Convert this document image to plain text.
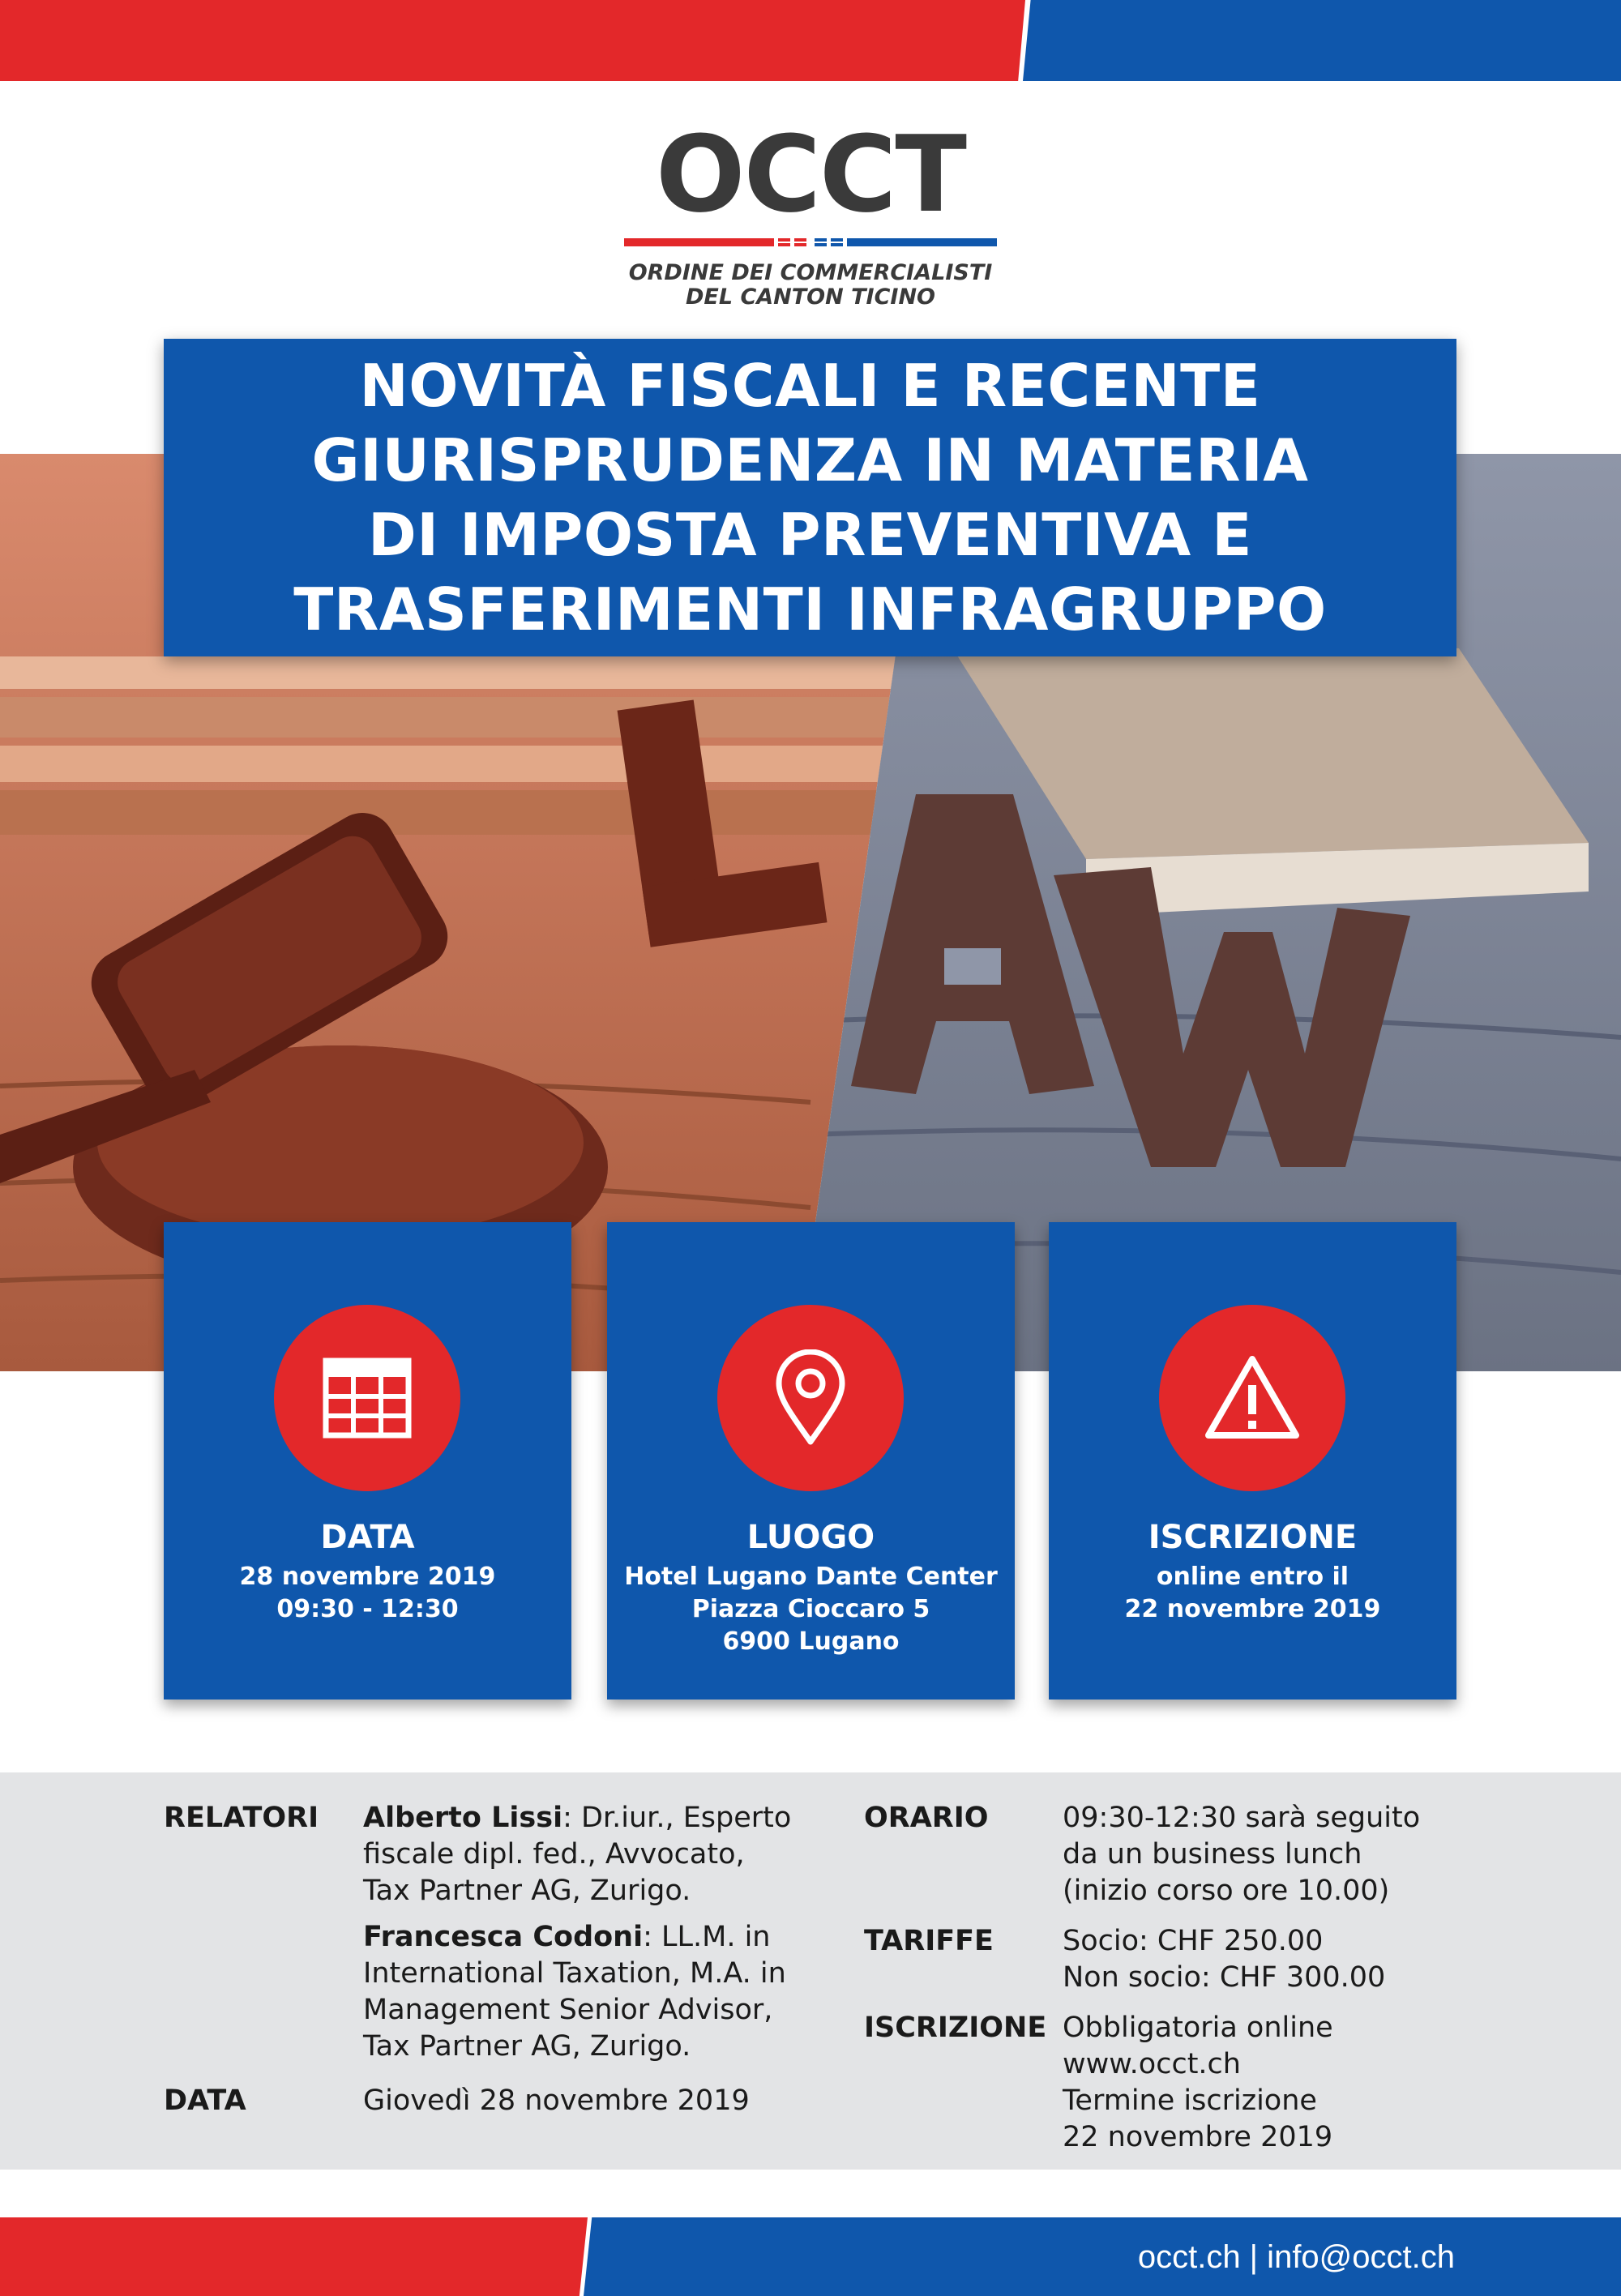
OCCT
ORDINE DEI COMMERCIALISTI
DEL CANTON TICINO
NOVITÀ FISCALI E RECENTE
GIURISPRUDENZA IN MATERIA
DI IMPOSTA PREVENTIVA E
TRASFERIMENTI INFRAGRUPPO
DATA
28 novembre 2019
09:30 - 12:30
LUOGO
Hotel Lugano Dante Center
Piazza Cioccaro 5
6900 Lugano
ISCRIZIONE
online entro il
22 novembre 2019
RELATORI Alberto Lissi: Dr.iur., Esperto
fiscale dipl. fed., Avvocato,
Tax Partner AG, Zurigo.
Francesca Codoni: LL.M. in
International Taxation, M.A. in
Management Senior Advisor,
Tax Partner AG, Zurigo.
DATA	Giovedì 28 novembre 2019
ORARIO	09:30-12:30 sarà seguito
da un business lunch
(inizio corso ore 10.00)
TARIFFE Socio: CHF 250.00
Non socio: CHF 300.00
ISCRIZIONE Obbligatoria online
www.occt.ch
Termine iscrizione
22 novembre 2019
occt.ch | info@occt.ch
